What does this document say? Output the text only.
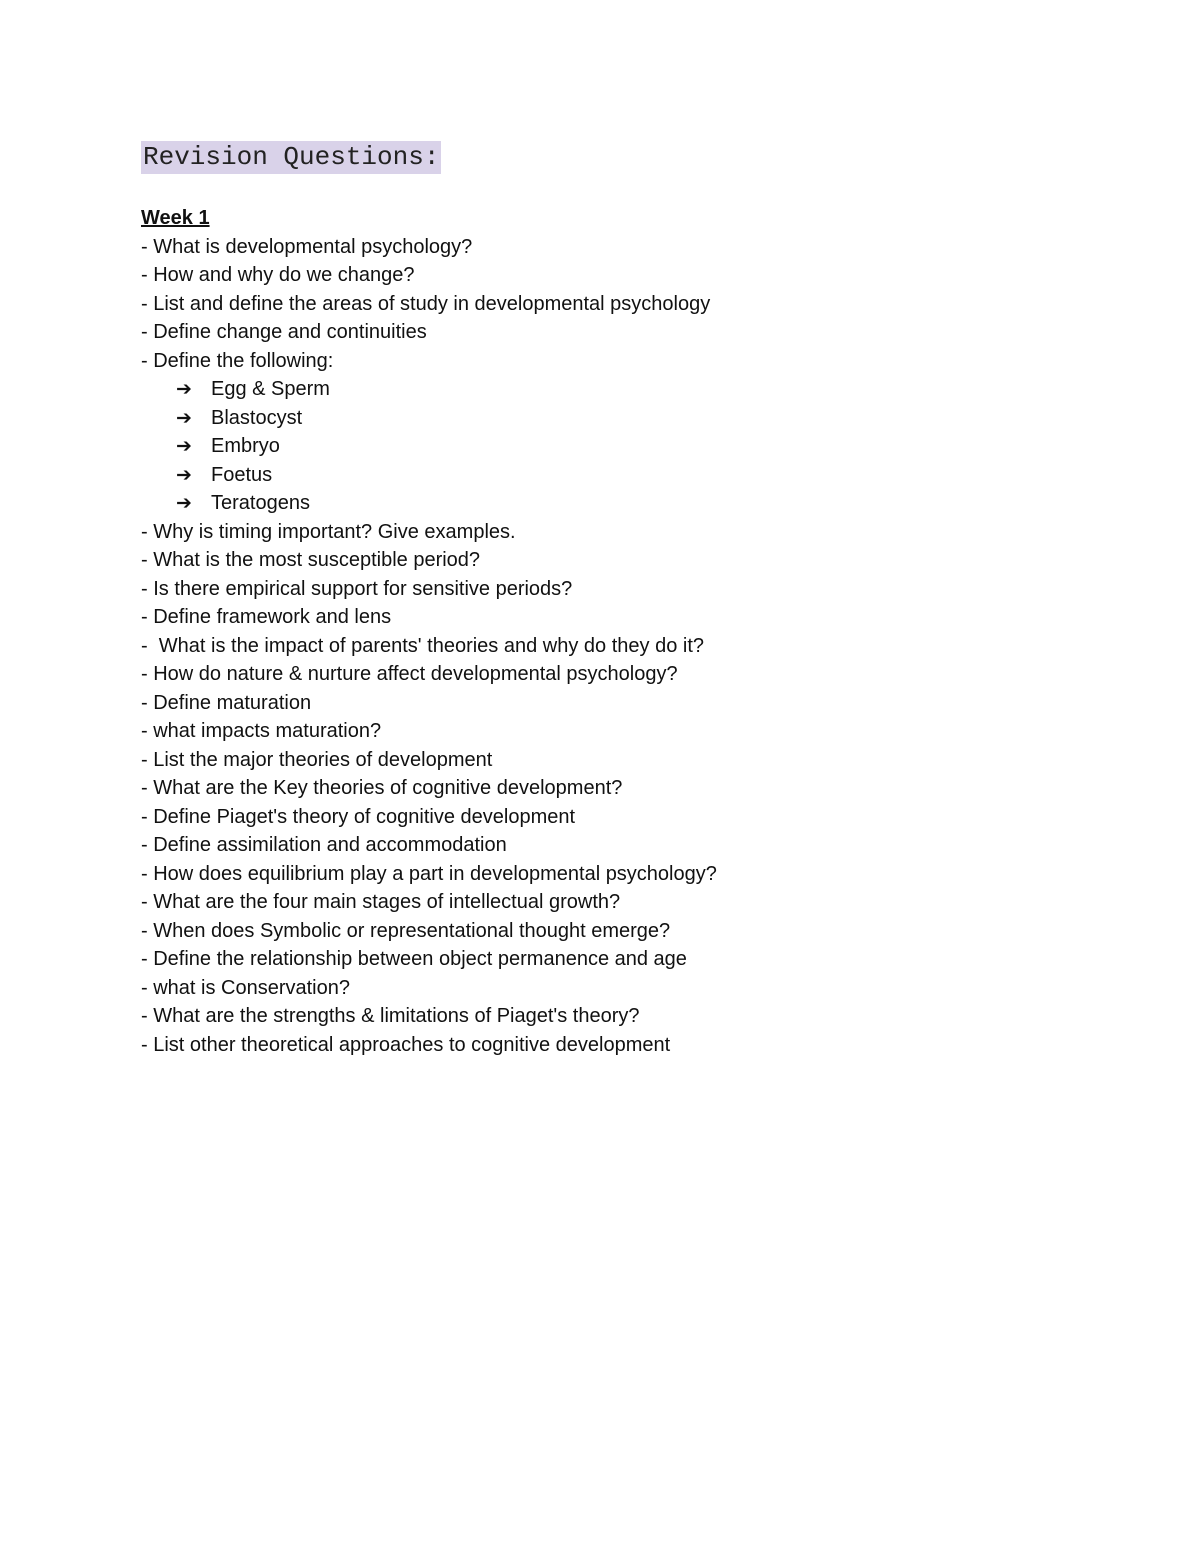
Revision Questions:
Week 1
- What is developmental psychology?
- How and why do we change?
- List and define the areas of study in developmental psychology
- Define change and continuities
- Define the following:
➔ Egg & Sperm
➔ Blastocyst
➔ Embryo
➔ Foetus
➔ Teratogens
- Why is timing important? Give examples.
- What is the most susceptible period?
- Is there empirical support for sensitive periods?
- Define framework and lens
-  What is the impact of parents' theories and why do they do it?
- How do nature & nurture affect developmental psychology?
- Define maturation
- what impacts maturation?
- List the major theories of development
- What are the Key theories of cognitive development?
- Define Piaget's theory of cognitive development
- Define assimilation and accommodation
- How does equilibrium play a part in developmental psychology?
- What are the four main stages of intellectual growth?
- When does Symbolic or representational thought emerge?
- Define the relationship between object permanence and age
- what is Conservation?
- What are the strengths & limitations of Piaget's theory?
- List other theoretical approaches to cognitive development
